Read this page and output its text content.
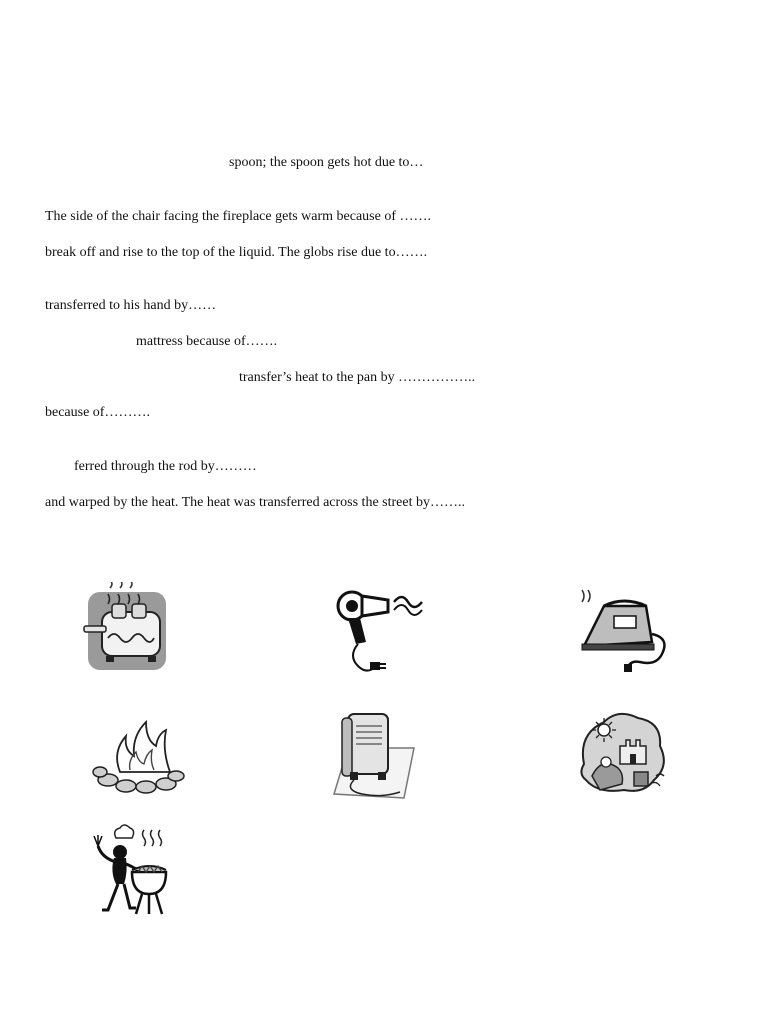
spoon; the spoon gets hot due to…
The side of the chair facing the fireplace gets warm because of …….
break off and rise to the top of the liquid. The globs rise due to…….
transferred to his hand by……
mattress because of…….
transfer’s heat to the pan by ……………..
because of……….
ferred through the rod by………
and warped by the heat. The heat was transferred across the street by……..
